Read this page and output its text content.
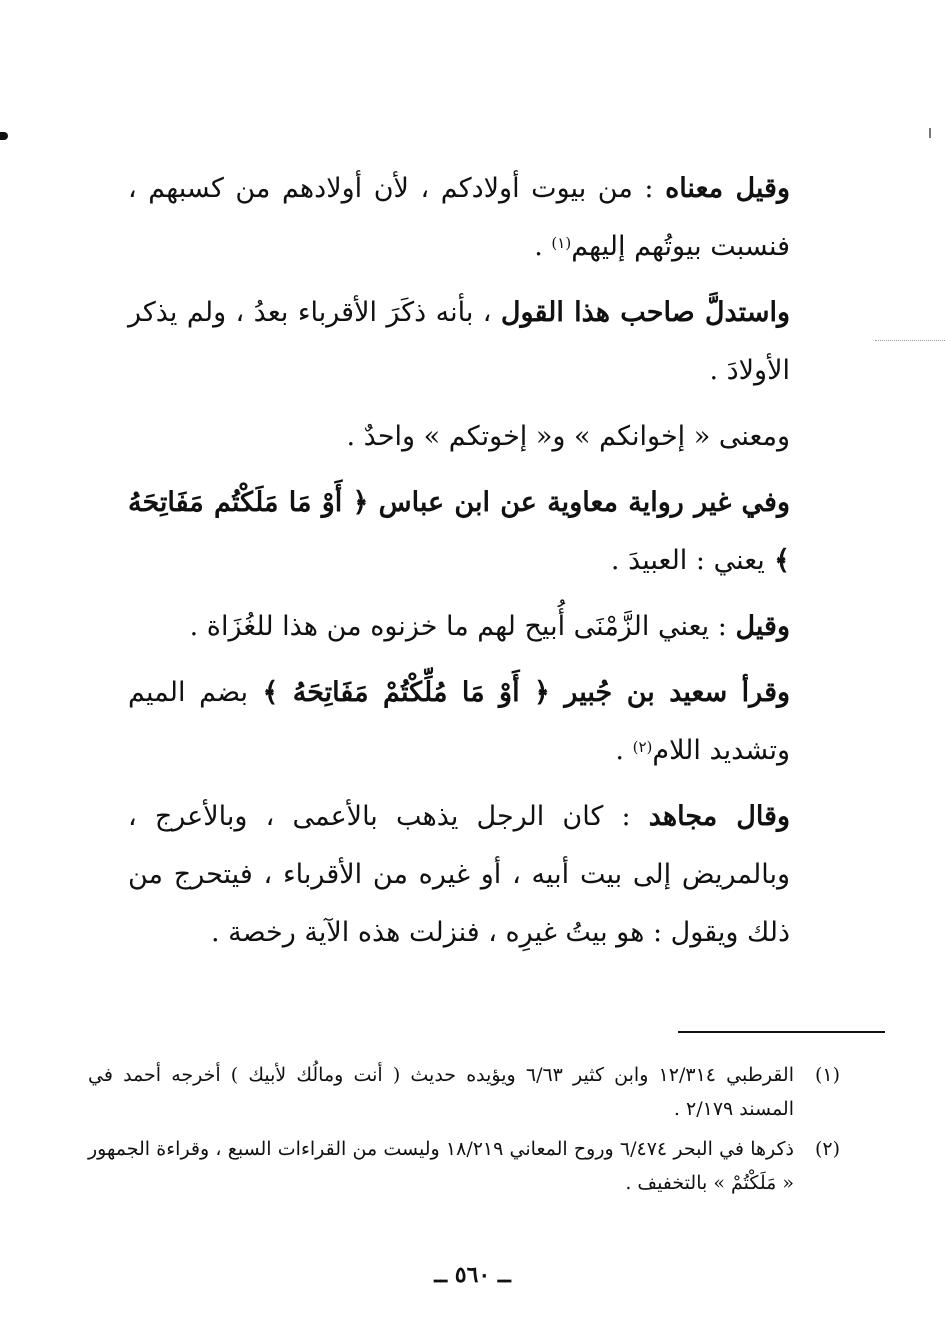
وقيل معناه : من بيوت أولادكم ، لأن أولادهم من كسبهم ، فنسبت بيوتُهم إليهم$^{(١)}$ .

واستدلَّ صاحب هذا القول ، بأنه ذكَرَ الأقرباء بعدُ ، ولم يذكر الأولادَ .

ومعنى « إخوانكم » و« إخوتكم » واحدٌ .

وفي غير رواية معاوية عن ابن عباس ﴿ أَوْ مَا مَلَكْتُم مَفَاتِحَهُ ﴾ يعني : العبيدَ .

وقيل : يعني الزَّمْنَى أُبيح لهم ما خزنوه من هذا للغُزَاة .

وقرأ سعيد بن جُبير ﴿ أَوْ مَا مُلِّكْتُمْ مَفَاتِحَهُ ﴾ بضم الميم وتشديد اللام$^{(٢)}$ .

وقال مجاهد : كان الرجل يذهب بالأعمى ، وبالأعرج ، وبالمريض إلى بيت أبيه ، أو غيره من الأقرباء ، فيتحرج من ذلك ويقول : هو بيتُ غيرِه ، فنزلت هذه الآية رخصة .

(١)
القرطبي ١٢/٣١٤ وابن كثير ٦/٦٣ ويؤيده حديث ( أنت ومالُك لأبيك ) أخرجه أحمد في المسند ٢/١٧٩ .
(٢)
ذكرها في البحر ٦/٤٧٤ وروح المعاني ١٨/٢١٩ وليست من القراءات السبع ، وقراءة الجمهور « مَلَكْتُمْ » بالتخفيف .
ــ ٥٦٠ ــ
